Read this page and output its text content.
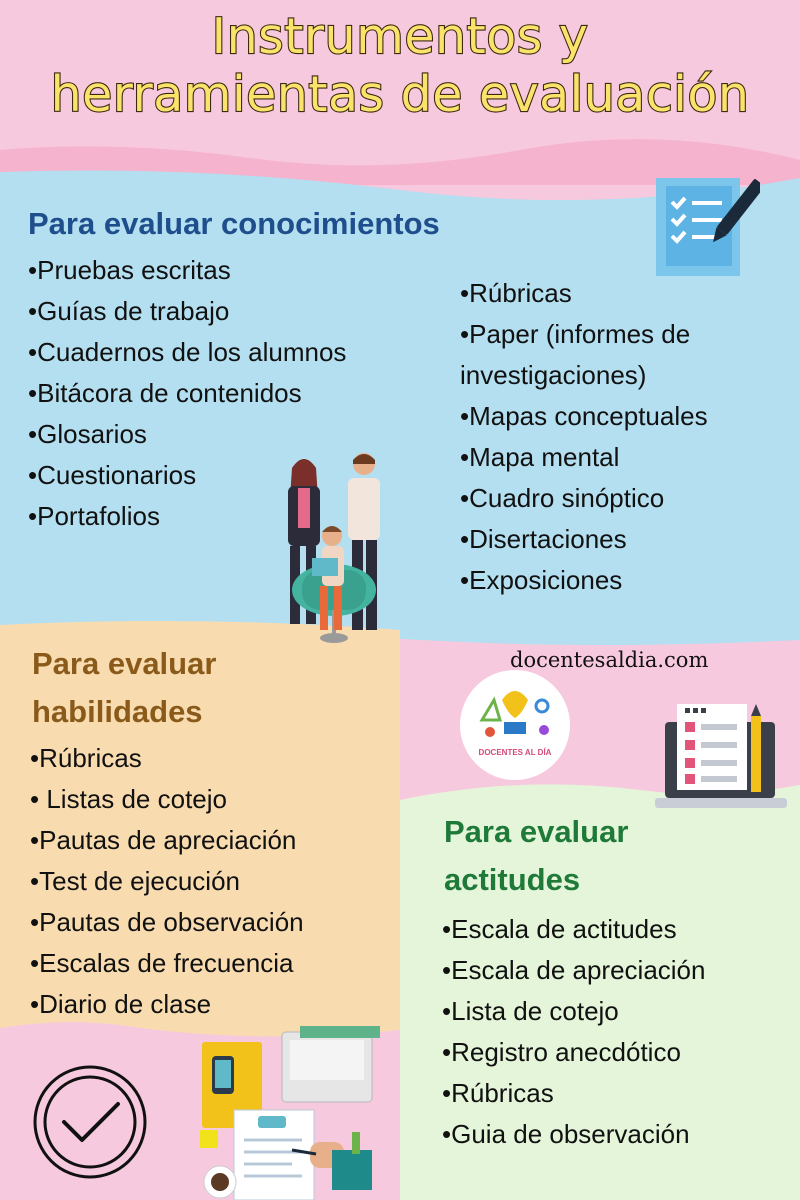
Instrumentos y
herramientas de evaluación
Para evaluar conocimientos
•Pruebas escritas
•Guías de trabajo
•Cuadernos de los alumnos
•Bitácora de contenidos
•Glosarios
•Cuestionarios
•Portafolios
•Rúbricas
•Paper (informes de
investigaciones)
•Mapas conceptuales
•Mapa mental
•Cuadro sinóptico
•Disertaciones
•Exposiciones
docentesaldia.com
DOCENTES AL DÍA
Para evaluar
habilidades
•Rúbricas
• Listas de cotejo
•Pautas de apreciación
•Test de ejecución
•Pautas de observación
•Escalas de frecuencia
•Diario de clase
Para evaluar
actitudes
•Escala de actitudes
•Escala de apreciación
•Lista de cotejo
•Registro anecdótico
•Rúbricas
•Guia de observación
